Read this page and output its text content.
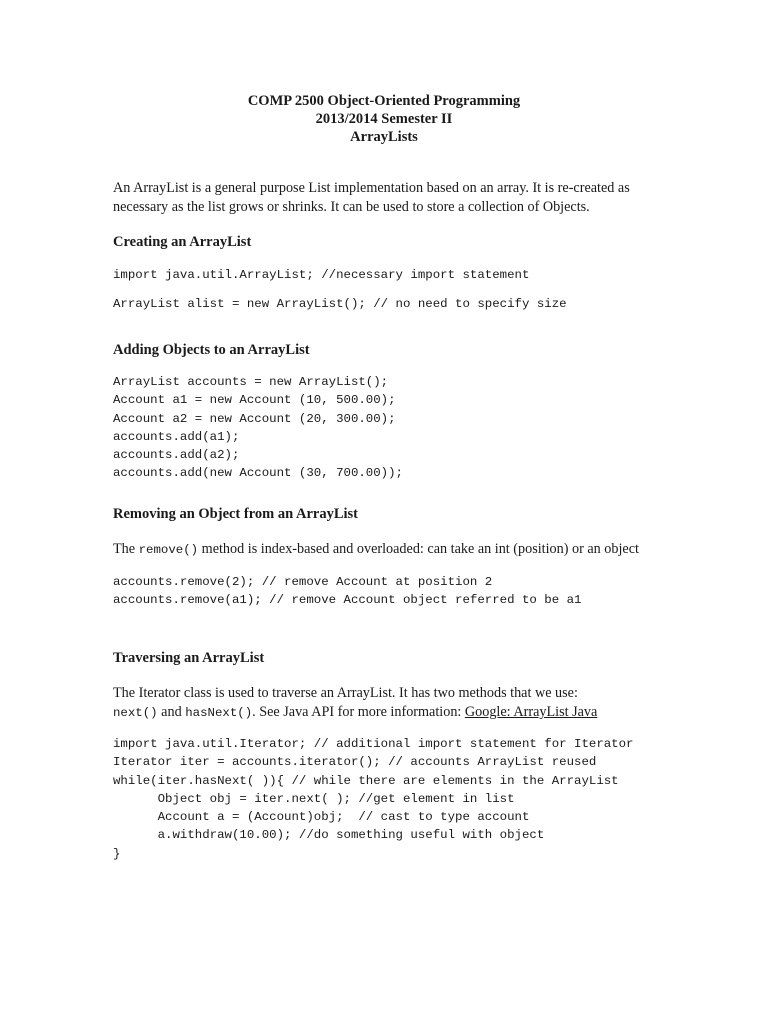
COMP 2500 Object-Oriented Programming
2013/2014 Semester II
ArrayLists
An ArrayList is a general purpose List implementation based on an array. It is re-created as
necessary as the list grows or shrinks. It can be used to store a collection of Objects.
Creating an ArrayList
import java.util.ArrayList; //necessary import statement
ArrayList alist = new ArrayList(); // no need to specify size
Adding Objects to an ArrayList
ArrayList accounts = new ArrayList();
Account a1 = new Account (10, 500.00);
Account a2 = new Account (20, 300.00);
accounts.add(a1);
accounts.add(a2);
accounts.add(new Account (30, 700.00));
Removing an Object from an ArrayList
The remove() method is index-based and overloaded: can take an int (position) or an object
accounts.remove(2); // remove Account at position 2
accounts.remove(a1); // remove Account object referred to be a1
Traversing an ArrayList
The Iterator class is used to traverse an ArrayList. It has two methods that we use:
next() and hasNext(). See Java API for more information: Google: ArrayList Java
import java.util.Iterator; // additional import statement for Iterator
Iterator iter = accounts.iterator(); // accounts ArrayList reused
while(iter.hasNext( )){ // while there are elements in the ArrayList
Object obj = iter.next( ); //get element in list
Account a = (Account)obj;  // cast to type account
a.withdraw(10.00); //do something useful with object
}
